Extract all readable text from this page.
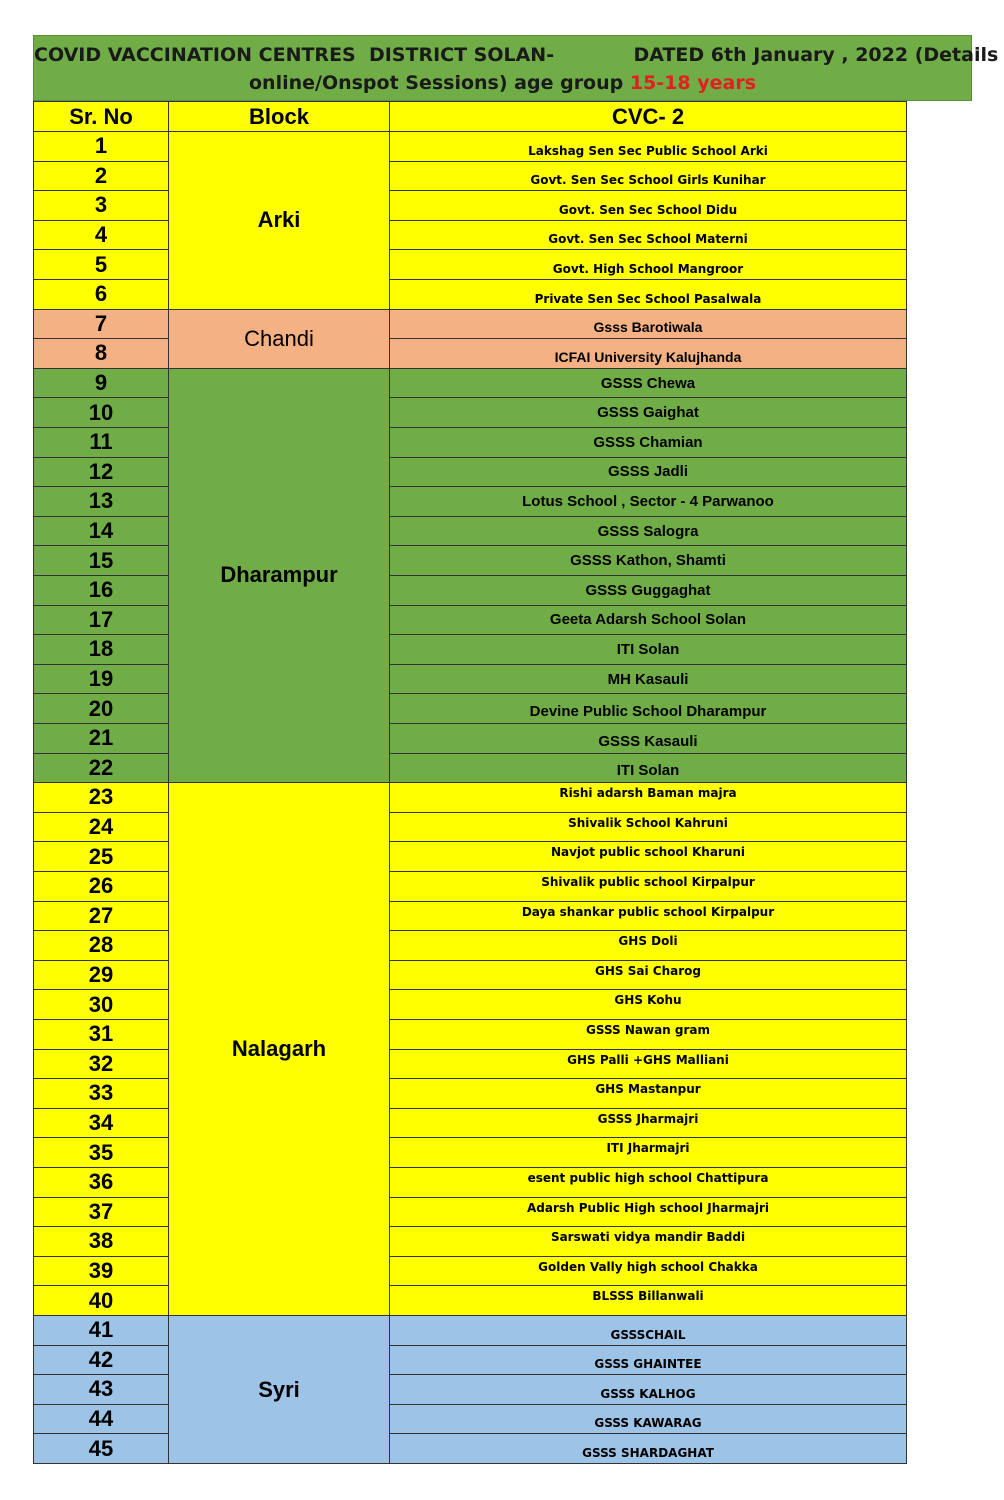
COVID VACCINATION CENTRES  DISTRICT SOLAN-            DATED 6th January , 2022 (Details
online/Onspot Sessions) age group 15-18 years
Sr. No	Block	CVC- 2
Arki
1	Lakshag Sen Sec Public School Arki
2	Govt. Sen Sec School Girls Kunihar
3	Govt. Sen Sec School Didu
4	Govt. Sen Sec School Materni
5	Govt. High School Mangroor
6	Private Sen Sec School Pasalwala
Chandi
7	Gsss Barotiwala
8	ICFAI University Kalujhanda
Dharampur
9	GSSS Chewa
10	GSSS Gaighat
11	GSSS Chamian
12	GSSS Jadli
13	Lotus School , Sector - 4 Parwanoo
14	GSSS Salogra
15	GSSS Kathon, Shamti
16	GSSS Guggaghat
17	Geeta Adarsh School Solan
18	ITI Solan
19	MH Kasauli
20	Devine Public School Dharampur
21	GSSS Kasauli
22	ITI Solan
Nalagarh
23	Rishi adarsh Baman majra
24	Shivalik School Kahruni
25	Navjot public school Kharuni
26	Shivalik public school Kirpalpur
27	Daya shankar public school Kirpalpur
28	GHS Doli
29	GHS Sai Charog
30	GHS Kohu
31	GSSS Nawan gram
32	GHS Palli +GHS Malliani
33	GHS Mastanpur
34	GSSS Jharmajri
35	ITI Jharmajri
36	esent public high school Chattipura
37	Adarsh Public High school Jharmajri
38	Sarswati vidya mandir Baddi
39	Golden Vally high school Chakka
40	BLSSS Billanwali
Syri
41	GSSSCHAIL
42	GSSS GHAINTEE
43	GSSS KALHOG
44	GSSS KAWARAG
45	GSSS SHARDAGHAT
